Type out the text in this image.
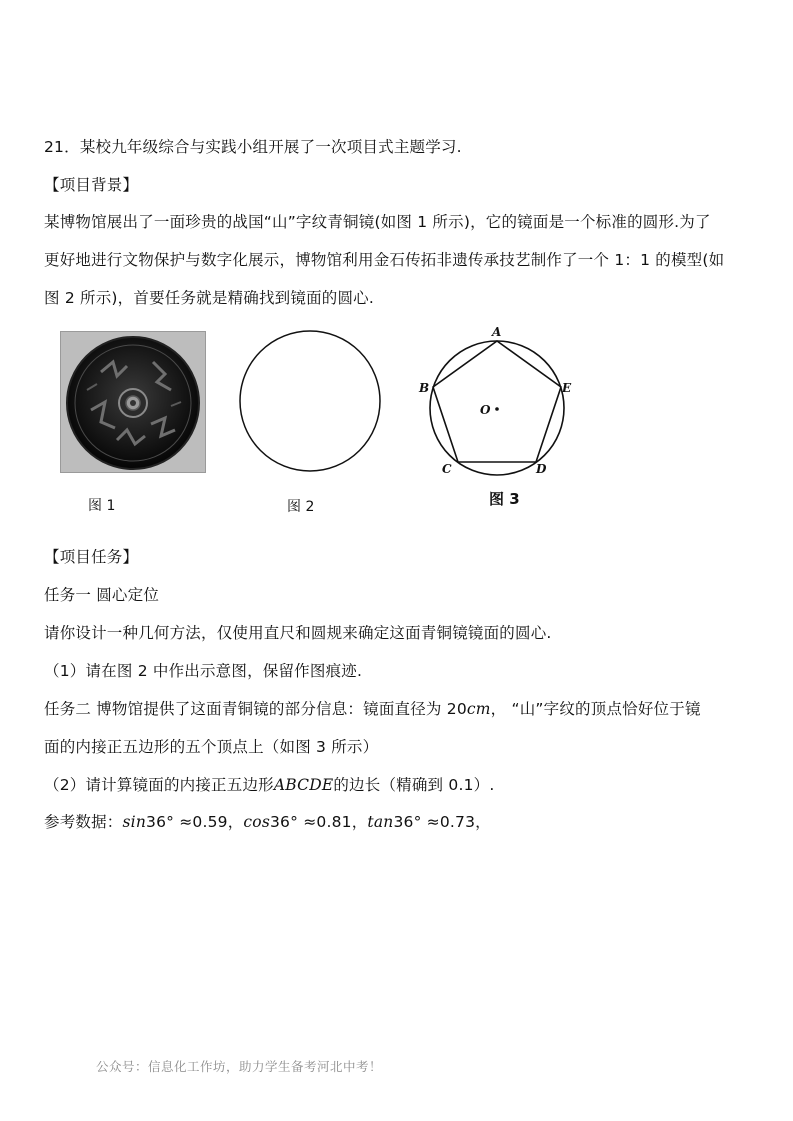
21．某校九年级综合与实践小组开展了一次项目式主题学习.
【项目背景】
某博物馆展出了一面珍贵的战国“山”字纹青铜镜(如图 1 所示)，它的镜面是一个标准的圆形.为了
更好地进行文物保护与数字化展示，博物馆利用金石传拓非遗传承技艺制作了一个 1：1 的模型(如
图 2 所示)，首要任务就是精确找到镜面的圆心.
图 1	图 2
A
B
C	D
E
O
图 3
【项目任务】
任务一 圆心定位
请你设计一种几何方法，仅使用直尺和圆规来确定这面青铜镜镜面的圆心.
（1）请在图 2 中作出示意图，保留作图痕迹.
任务二 博物馆提供了这面青铜镜的部分信息：镜面直径为 20cm， “山”字纹的顶点恰好位于镜
面的内接正五边形的五个顶点上（如图 3 所示）
（2）请计算镜面的内接正五边形ABCDE的边长（精确到 0.1）.
参考数据：sin36° ≈0.59，cos36° ≈0.81，tan36° ≈0.73，
公众号：信息化工作坊，助力学生备考河北中考！
